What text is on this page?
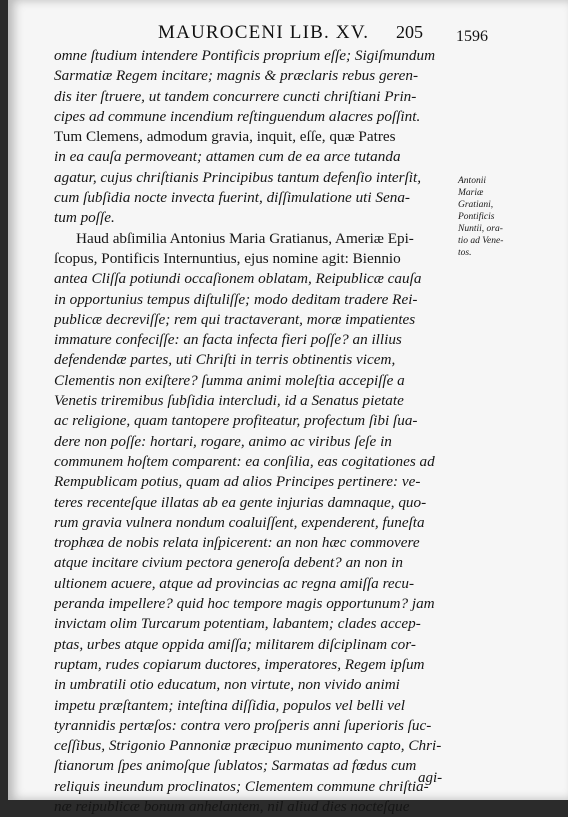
MAUROCENI LIB. XV. 205 1596
omne ſtudium intendere Pontificis proprium eſſe; Sigiſmundum
Sarmatiæ Regem incitare; magnis & præclaris rebus geren-
dis iter ſtruere, ut tandem concurrere cuncti chriſtiani Prin-
cipes ad commune incendium reſtinguendum alacres poſſint.
Tum Clemens, admodum gravia, inquit, eſſe, quæ Patres
in ea cauſa permoveant; attamen cum de ea arce tutanda
agatur, cujus chriſtianis Principibus tantum defenſio interſit,
cum ſubſidia nocte invecta fuerint, diſſimulatione uti Sena-
tum poſſe.
Haud abſimilia Antonius Maria Gratianus, Ameriæ Epi-
ſcopus, Pontificis Internuntius, ejus nomine agit: Biennio
antea Cliſſa potiundi occaſionem oblatam, Reipublicæ cauſa
in opportunius tempus diſtuliſſe; modo deditam tradere Rei-
publicæ decreviſſe; rem qui tractaverant, moræ impatientes
immature confeciſſe: an facta infecta fieri poſſe? an illius
defendendæ partes, uti Chriſti in terris obtinentis vicem,
Clementis non exiſtere? ſumma animi moleſtia accepiſſe a
Venetis triremibus ſubſidia intercludi, id a Senatus pietate
ac religione, quam tantopere profiteatur, profectum ſibi ſua-
dere non poſſe: hortari, rogare, animo ac viribus ſeſe in
communem hoſtem comparent: ea conſilia, eas cogitationes ad
Rempublicam potius, quam ad alios Principes pertinere: ve-
teres recenteſque illatas ab ea gente injurias damnaque, quo-
rum gravia vulnera nondum coaluiſſent, expenderent, funeſta
trophæa de nobis relata inſpicerent: an non hæc commovere
atque incitare civium pectora generoſa debent? an non in
ultionem acuere, atque ad provincias ac regna amiſſa recu-
peranda impellere? quid hoc tempore magis opportunum? jam
invictam olim Turcarum potentiam, labantem; clades accep-
ptas, urbes atque oppida amiſſa; militarem diſciplinam cor-
ruptam, rudes copiarum ductores, imperatores, Regem ipſum
in umbratili otio educatum, non virtute, non vivido animi
impetu præſtantem; inteſtina diſſidia, populos vel belli vel
tyrannidis pertæſos: contra vero proſperis anni ſuperioris ſuc-
ceſſibus, Strigonio Pannoniæ præcipuo munimento capto, Chri-
ſtianorum ſpes animoſque ſublatos; Sarmatas ad fœdus cum
reliquis ineundum proclinatos; Clementem commune chriſtia-
næ reipublicæ bonum anhelantem, nil aliud dies nocteſque
Antonii
Mariæ
Gratiani,
Pontificis
Nuntii, ora-
tio ad Vene-
tos.
agi-
